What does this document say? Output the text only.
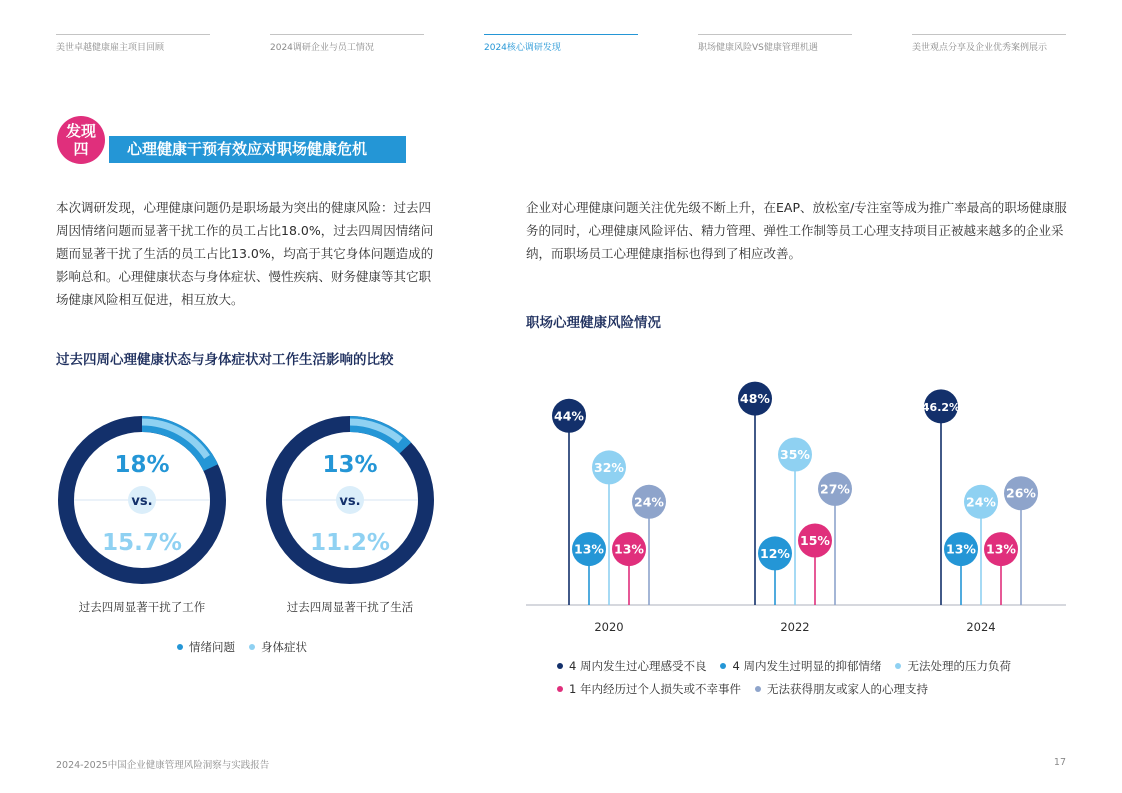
美世卓越健康雇主项目回顾	2024调研企业与员工情况	2024核心调研发现	职场健康风险VS健康管理机遇	美世观点分享及企业优秀案例展示
发现
四	心理健康干预有效应对职场健康危机
本次调研发现，心理健康问题仍是职场最为突出的健康风险：过去四周因情绪问题而显著干扰工作的员工占比18.0%，过去四周因情绪问题而显著干扰了生活的员工占比13.0%，均高于其它身体问题造成的影响总和。心理健康状态与身体症状、慢性疾病、财务健康等其它职场健康风险相互促进，相互放大。
企业对心理健康问题关注优先级不断上升，在EAP、放松室/专注室等成为推广率最高的职场健康服务的同时，心理健康风险评估、精力管理、弹性工作制等员工心理支持项目正被越来越多的企业采纳，而职场员工心理健康指标也得到了相应改善。
过去四周心理健康状态与身体症状对工作生活影响的比较
职场心理健康风险情况
18%
vs.
15.7%
13%
vs.
11.2%
过去四周显著干扰了工作	过去四周显著干扰了生活
情绪问题 身体症状
2020	2022	2024
44%
48%
46.2%
13%	12%	13%
32%
35%
24%
13%
15%
13%
24%
27%	26%
4 周内发生过心理感受不良 4 周内发生过明显的抑郁情绪 无法处理的压力负荷
1 年内经历过个人损失或不幸事件 无法获得朋友或家人的心理支持
2024-2025中国企业健康管理风险洞察与实践报告	17
